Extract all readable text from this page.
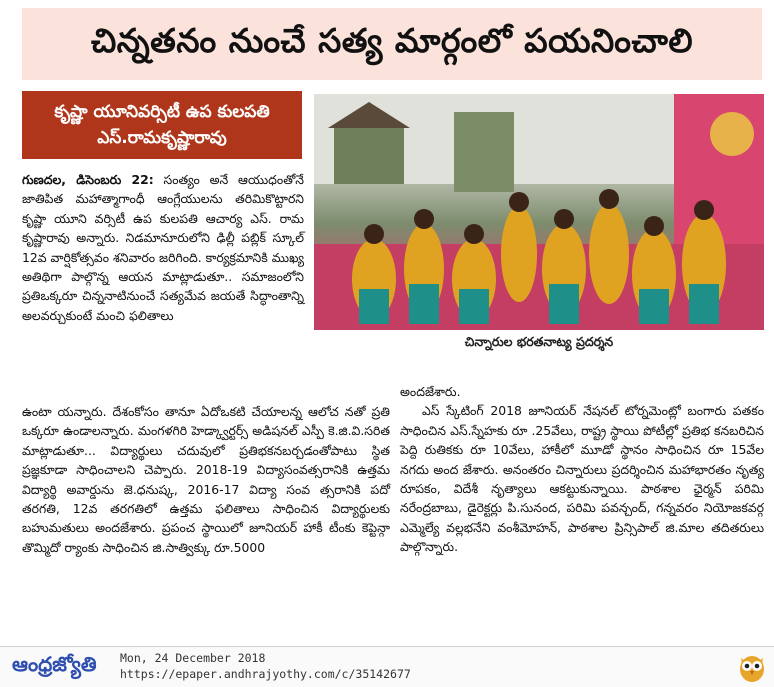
చిన్నతనం నుంచే సత్య మార్గంలో పయనించాలి
కృష్ణా యూనివర్సిటీ ఉప కులపతి
ఎస్.రామకృష్ణారావు
చిన్నారుల భరతనాట్య ప్రదర్శన

గుణదల, డిసెంబరు 22: సంత్యం అనే ఆయుధంతోనే జాతిపిత మహాత్మాగాంధీ ఆంగ్లేయులను తరిమికొట్టారని కృష్ణా యూని వర్సిటీ ఉప కులపతి ఆచార్య ఎస్. రామ కృష్ణారావు అన్నారు. నిడమానూరులోని ఢిల్లీ పబ్లిక్ స్కూల్ 12వ వార్షికోత్సవం శనివారం జరిగింది. కార్యక్రమానికి ముఖ్య అతిథిగా పాల్గొన్న ఆయన మాట్లాడుతూ.. సమాజంలోని ప్రతిఒక్కరూ చిన్ననాటినుంచే సత్యమేవ జయతే సిద్ధాంతాన్ని అలవర్చుకుంటే మంచి ఫలితాలు

ఉంటా యన్నారు. దేశంకోసం తానూ ఏదోఒకటి చేయాలన్న ఆలోచ నతో ప్రతి ఒక్కరూ ఉండాలన్నారు. మంగళగిరి హెడ్క్వార్టర్స్ అడిషనల్ ఎస్పీ కె.జి.వి.సరిత మాట్లాడుతూ... విద్యార్థులు చదువులో ప్రతిభకనబర్చడంతోపాటు స్థిత ప్రజ్ఞకూడా సాధించాలని చెప్పారు. 2018-19 విద్యాసంవత్సరానికి ఉత్తమ విద్యార్థి అవార్డును జె.ధనుష్క, 2016-17 విద్యా సంవ త్సరానికి పదో తరగతి, 12వ తరగతిలో ఉత్తమ ఫలితాలు సాధించిన విద్యార్థులకు బహుమతులు అందజేశారు. ప్రపంచ స్థాయిలో జూనియర్ హాకీ టీంకు కెప్టెన్గా తొమ్మిదో ర్యాంకు సాధించిన జి.సాత్విక్కు రూ.5000

అందజేశారు.

ఎస్ స్కేటింగ్ 2018 జూనియర్ నేషనల్ టోర్నమెంట్లో బంగారు పతకం సాధించిన ఎస్.స్నేహకు రూ .25వేలు, రాష్ట్ర స్థాయి పోటీల్లో ప్రతిభ కనబరిచిన పెద్ది రుతికకు రూ 10వేలు, హాకీలో మూడో స్థానం సాధించిన రూ 15వేల నగదు అంద జేశారు. అనంతరం చిన్నారులు ప్రదర్శించిన మహాభారతం నృత్య రూపకం, విదేశీ నృత్యాలు ఆకట్టుకున్నాయి. పాఠశాల ఛైర్మన్ పరిమి నరేంద్రబాబు, డైరెక్టర్లు పి.సునంద, పరిమి పవన్చంద్, గన్నవరం నియోజకవర్గ ఎమ్మెల్యే వల్లభనేని వంశీమోహన్, పాఠశాల ప్రిన్సిపాల్ జి.మాల తదితరులు పాల్గొన్నారు.

ఆంధ్రజ్యోతి Mon, 24 December 2018
https://epaper.andhrajyothy.com/c/35142677
